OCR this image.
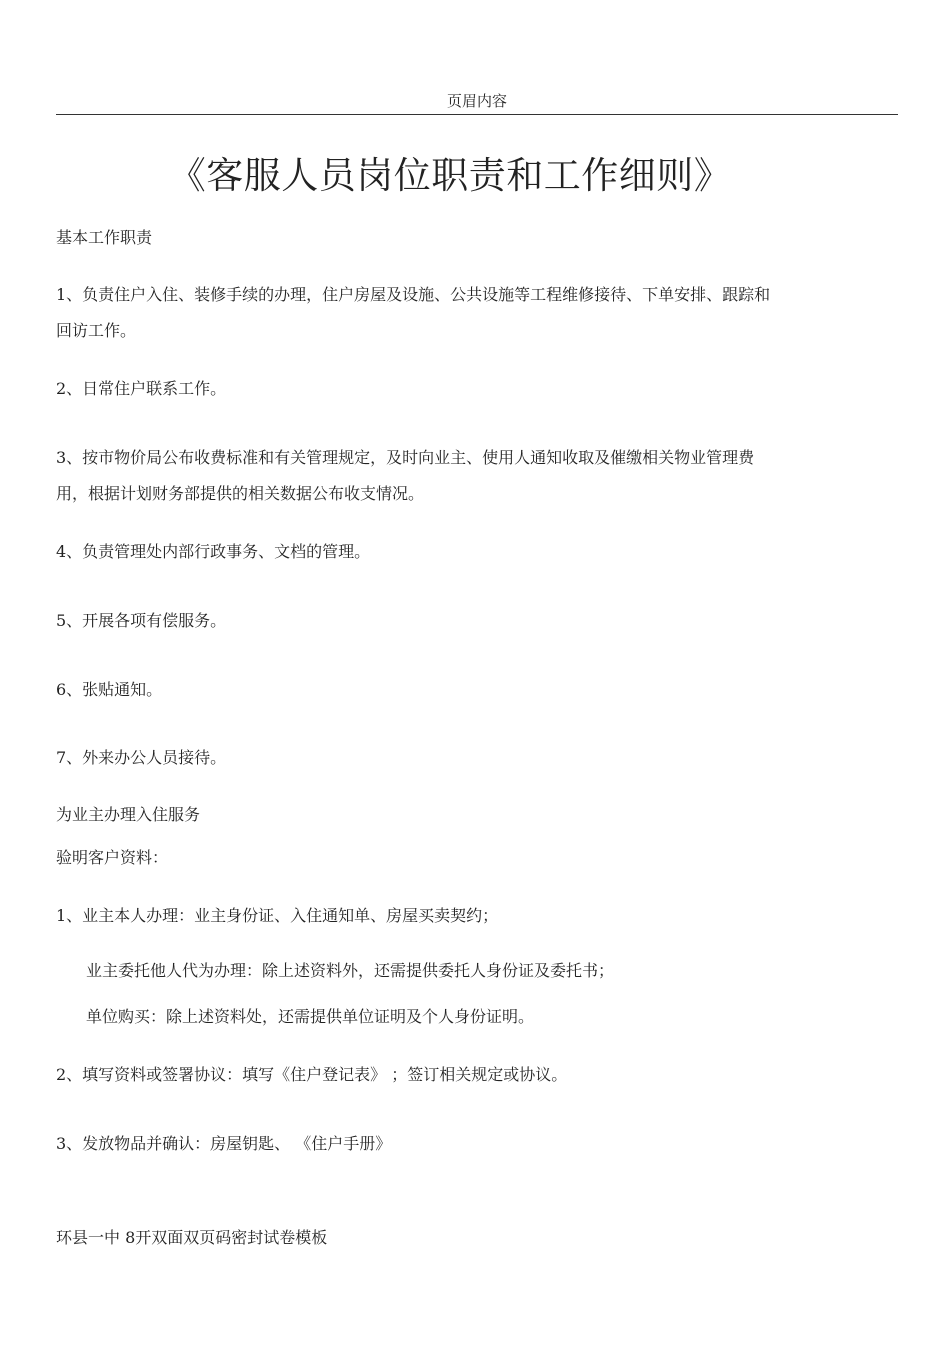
页眉内容
《客服人员岗位职责和工作细则》
基本工作职责
1、负责住户入住、装修手续的办理，住户房屋及设施、公共设施等工程维修接待、下单安排、跟踪和
回访工作。
2、日常住户联系工作。
3、按市物价局公布收费标准和有关管理规定，及时向业主、使用人通知收取及催缴相关物业管理费
用，根据计划财务部提供的相关数据公布收支情况。
4、负责管理处内部行政事务、文档的管理。
5、开展各项有偿服务。
6、张贴通知。
7、外来办公人员接待。
为业主办理入住服务
验明客户资料：
1、业主本人办理：业主身份证、入住通知单、房屋买卖契约；
业主委托他人代为办理：除上述资料外，还需提供委托人身份证及委托书；
单位购买：除上述资料处，还需提供单位证明及个人身份证明。
2、填写资料或签署协议：填写《住户登记表》 ；签订相关规定或协议。
3、发放物品并确认：房屋钥匙、 《住户手册》
环县一中 8开双面双页码密封试卷模板
